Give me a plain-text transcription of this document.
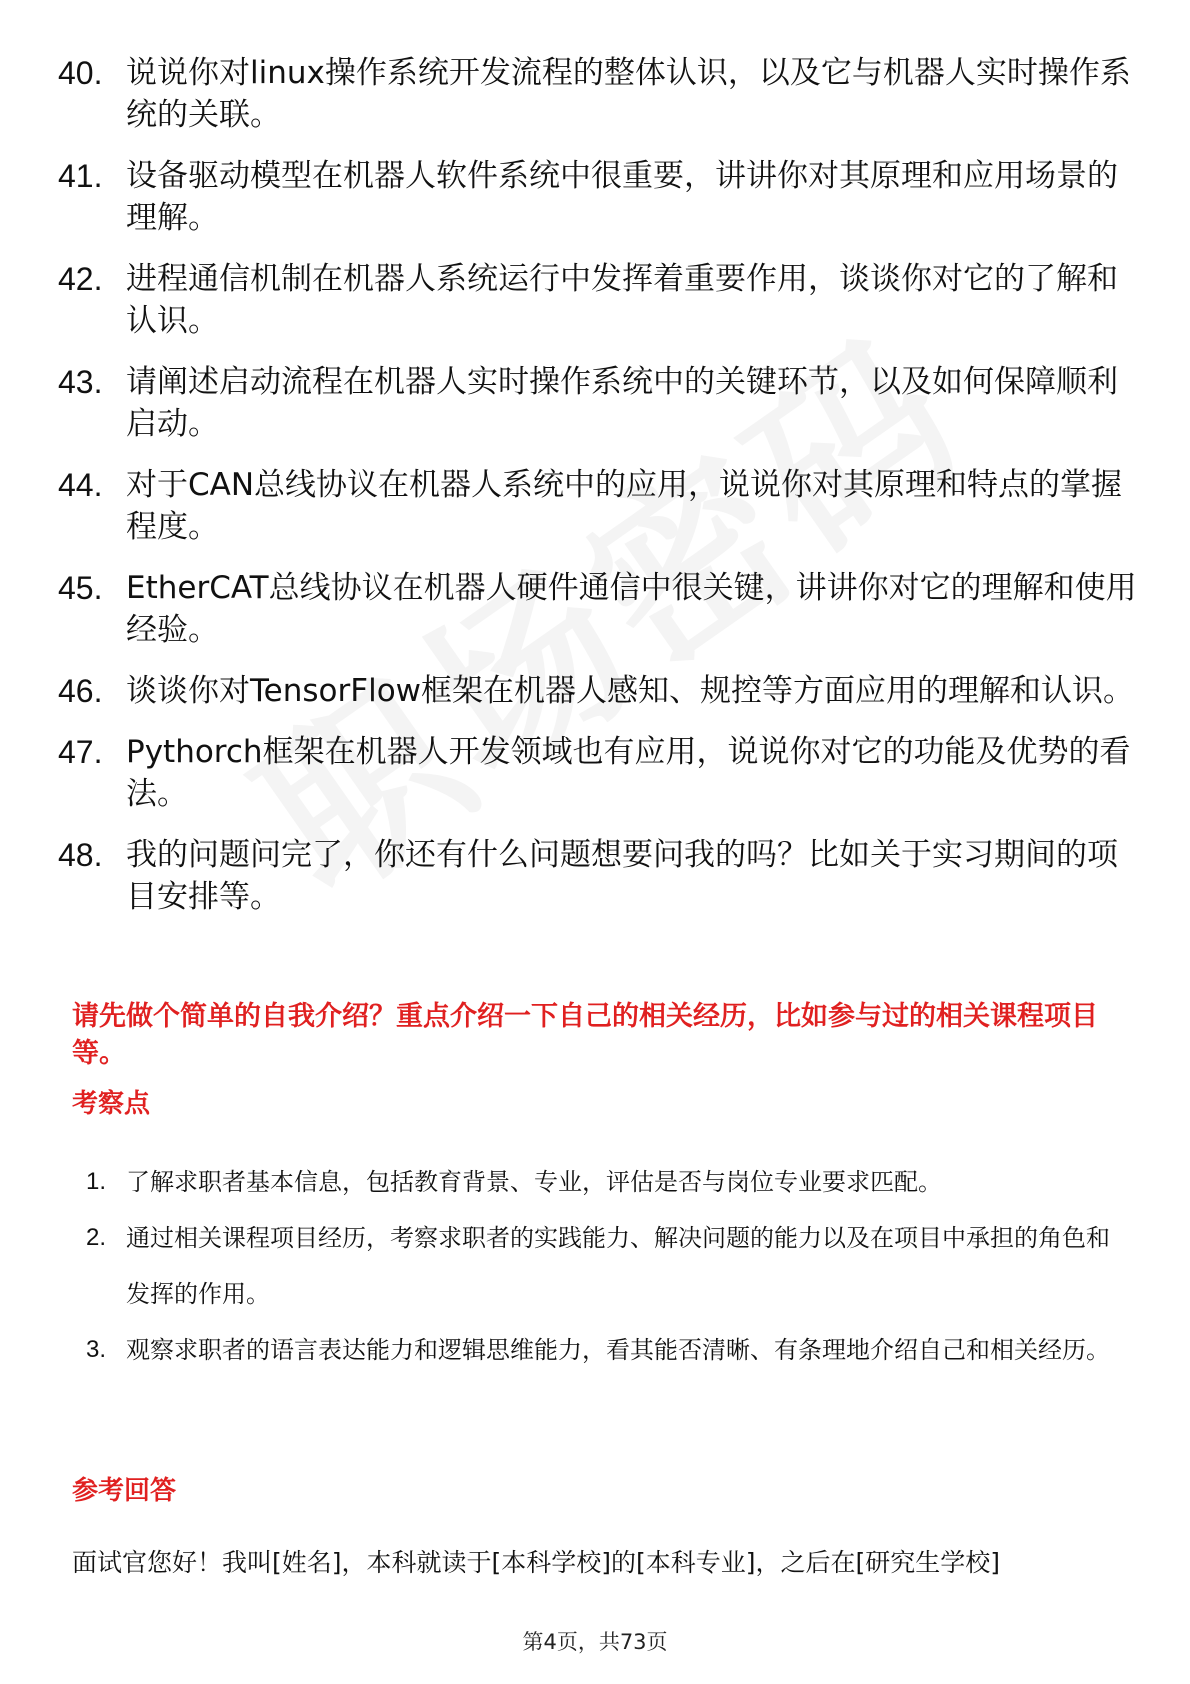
40. 说说你对linux操作系统开发流程的整体认识，以及它与机器人实时操作系统的关联。
41. 设备驱动模型在机器人软件系统中很重要，讲讲你对其原理和应用场景的理解。
42. 进程通信机制在机器人系统运行中发挥着重要作用，谈谈你对它的了解和认识。
43. 请阐述启动流程在机器人实时操作系统中的关键环节，以及如何保障顺利启动。
44. 对于CAN总线协议在机器人系统中的应用，说说你对其原理和特点的掌握程度。
45. EtherCAT总线协议在机器人硬件通信中很关键，讲讲你对它的理解和使用经验。
46. 谈谈你对TensorFlow框架在机器人感知、规控等方面应用的理解和认识。
47. Pythorch框架在机器人开发领域也有应用，说说你对它的功能及优势的看法。
48. 我的问题问完了，你还有什么问题想要问我的吗？比如关于实习期间的项目安排等。
请先做个简单的自我介绍？重点介绍一下自己的相关经历，比如参与过的相关课程项目等。
考察点
1. 了解求职者基本信息，包括教育背景、专业，评估是否与岗位专业要求匹配。
2. 通过相关课程项目经历，考察求职者的实践能力、解决问题的能力以及在项目中承担的角色和发挥的作用。
3. 观察求职者的语言表达能力和逻辑思维能力，看其能否清晰、有条理地介绍自己和相关经历。
参考回答
面试官您好！我叫[姓名]，本科就读于[本科学校]的[本科专业]，之后在[研究生学校]
第4页，共73页
